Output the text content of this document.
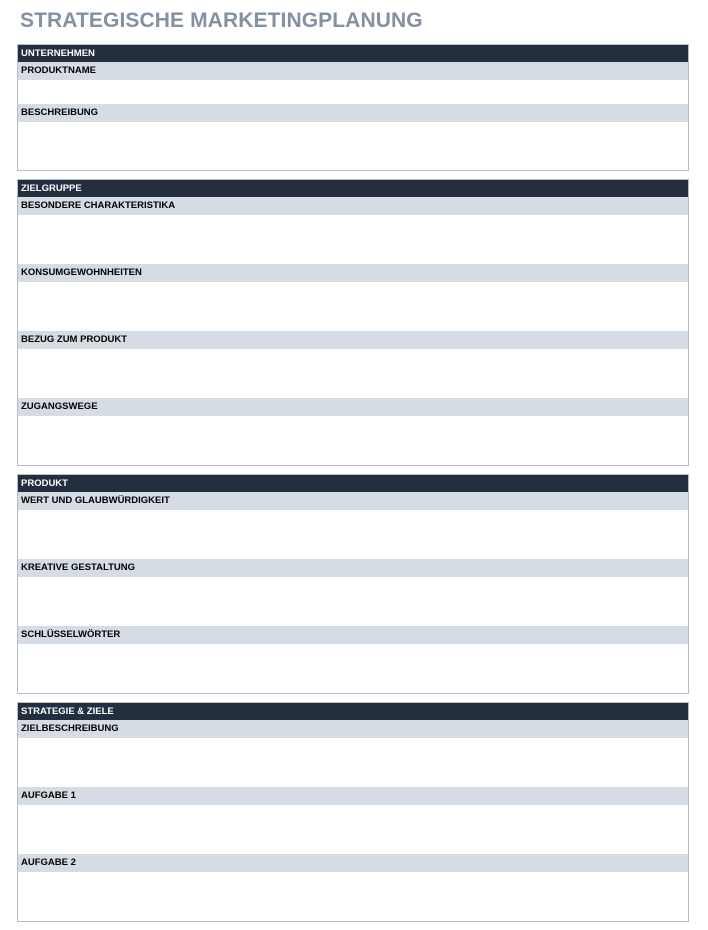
STRATEGISCHE MARKETINGPLANUNG
UNTERNEHMEN
PRODUKTNAME
BESCHREIBUNG
ZIELGRUPPE
BESONDERE CHARAKTERISTIKA
KONSUMGEWOHNHEITEN
BEZUG ZUM PRODUKT
ZUGANGSWEGE
PRODUKT
WERT UND GLAUBWÜRDIGKEIT
KREATIVE GESTALTUNG
SCHLÜSSELWÖRTER
STRATEGIE & ZIELE
ZIELBESCHREIBUNG
AUFGABE 1
AUFGABE 2
